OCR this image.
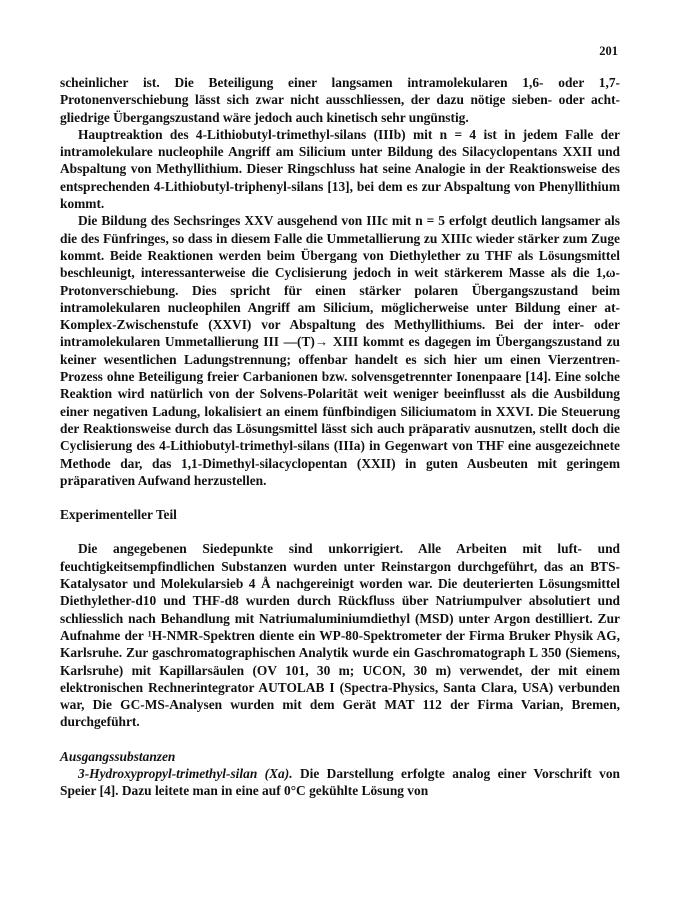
201

scheinlicher ist. Die Beteiligung einer langsamen intramolekularen 1,6- oder 1,7-Protonenverschiebung lässt sich zwar nicht ausschliessen, der dazu nötige sieben- oder acht-gliedrige Übergangszustand wäre jedoch auch kinetisch sehr ungünstig.

Hauptreaktion des 4-Lithiobutyl-trimethyl-silans (IIIb) mit n = 4 ist in jedem Falle der intramolekulare nucleophile Angriff am Silicium unter Bildung des Silacyclopentans XXII und Abspaltung von Methyllithium. Dieser Ringschluss hat seine Analogie in der Reaktionsweise des entsprechenden 4-Lithiobutyl-triphenyl-silans [13], bei dem es zur Abspaltung von Phenyllithium kommt.

Die Bildung des Sechsringes XXV ausgehend von IIIc mit n = 5 erfolgt deutlich langsamer als die des Fünfringes, so dass in diesem Falle die Ummetallierung zu XIIIc wieder stärker zum Zuge kommt. Beide Reaktionen werden beim Übergang von Diethylether zu THF als Lösungsmittel beschleunigt, interessanterweise die Cyclisierung jedoch in weit stärkerem Masse als die 1,ω-Protonverschiebung. Dies spricht für einen stärker polaren Übergangszustand beim intramolekularen nucleophilen Angriff am Silicium, möglicherweise unter Bildung einer at-Komplex-Zwischenstufe (XXVI) vor Abspaltung des Methyllithiums. Bei der inter- oder intramolekularen Ummetallierung III —(T)→ XIII kommt es dagegen im Übergangszustand zu keiner wesentlichen Ladungstrennung; offenbar handelt es sich hier um einen Vierzentren-Prozess ohne Beteiligung freier Carbanionen bzw. solvensgetrennter Ionenpaare [14]. Eine solche Reaktion wird natürlich von der Solvens-Polarität weit weniger beeinflusst als die Ausbildung einer negativen Ladung, lokalisiert an einem fünfbindigen Siliciumatom in XXVI. Die Steuerung der Reaktionsweise durch das Lösungsmittel lässt sich auch präparativ ausnutzen, stellt doch die Cyclisierung des 4-Lithiobutyl-trimethyl-silans (IIIa) in Gegenwart von THF eine ausgezeichnete Methode dar, das 1,1-Dimethyl-silacyclopentan (XXII) in guten Ausbeuten mit geringem präparativen Aufwand herzustellen.

Experimenteller Teil

Die angegebenen Siedepunkte sind unkorrigiert. Alle Arbeiten mit luft- und feuchtigkeitsempfindlichen Substanzen wurden unter Reinstargon durchgeführt, das an BTS-Katalysator und Molekularsieb 4 Å nachgereinigt worden war. Die deuterierten Lösungsmittel Diethylether-d10 und THF-d8 wurden durch Rückfluss über Natriumpulver absolutiert und schliesslich nach Behandlung mit Natriumaluminiumdiethyl (MSD) unter Argon destilliert. Zur Aufnahme der ¹H-NMR-Spektren diente ein WP-80-Spektrometer der Firma Bruker Physik AG, Karlsruhe. Zur gaschromatographischen Analytik wurde ein Gaschromatograph L 350 (Siemens, Karlsruhe) mit Kapillarsäulen (OV 101, 30 m; UCON, 30 m) verwendet, der mit einem elektronischen Rechnerintegrator AUTOLAB I (Spectra-Physics, Santa Clara, USA) verbunden war, Die GC-MS-Analysen wurden mit dem Gerät MAT 112 der Firma Varian, Bremen, durchgeführt.

Ausgangssubstanzen

3-Hydroxypropyl-trimethyl-silan (Xa). Die Darstellung erfolgte analog einer Vorschrift von Speier [4]. Dazu leitete man in eine auf 0°C gekühlte Lösung von
